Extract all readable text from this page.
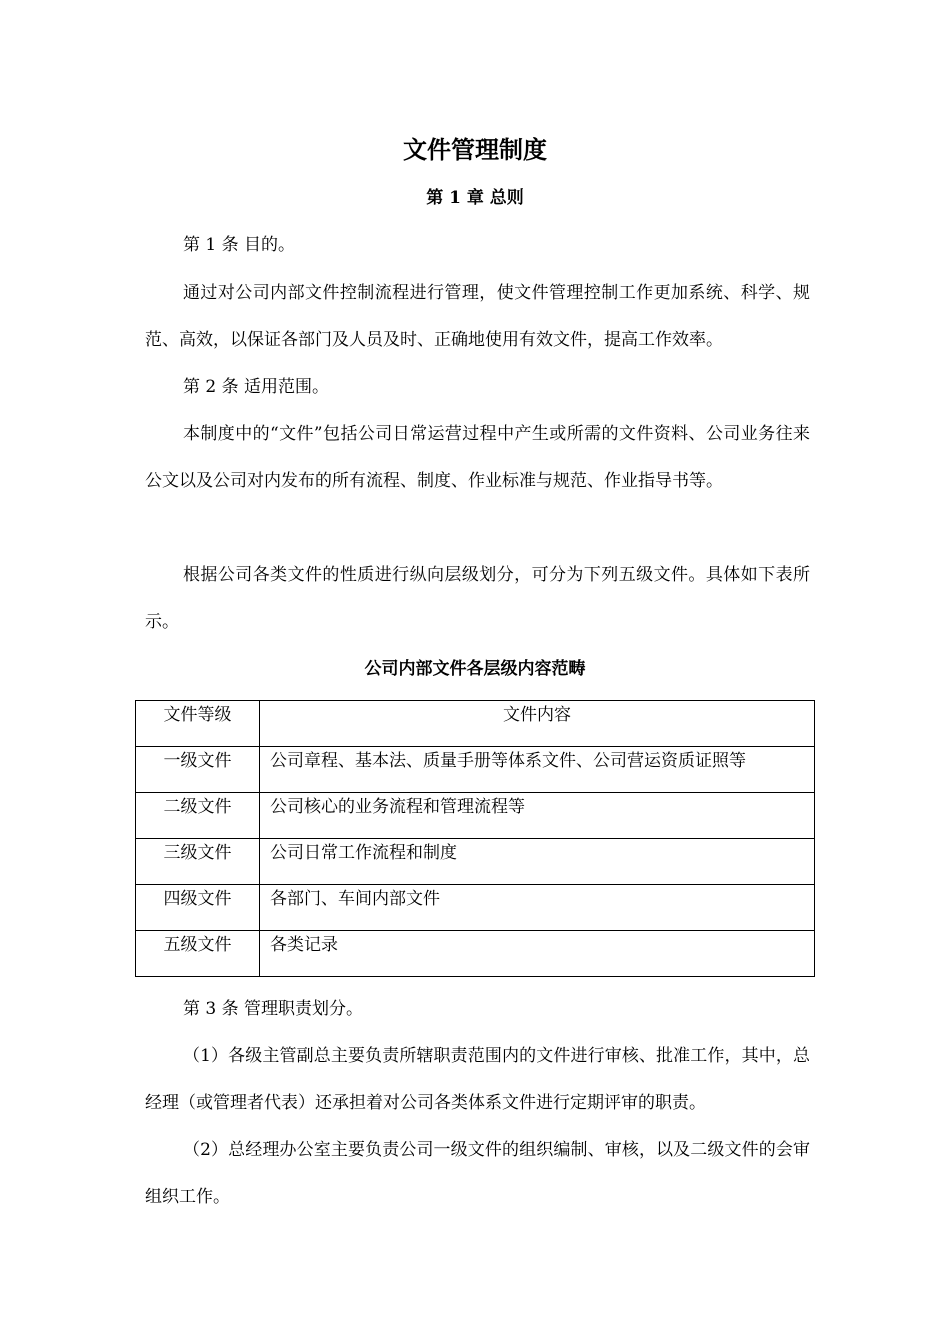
文件管理制度
第 1 章 总则

第 1 条 目的。

通过对公司内部文件控制流程进行管理，使文件管理控制工作更加系统、科学、规范、高效，以保证各部门及人员及时、正确地使用有效文件，提高工作效率。

第 2 条 适用范围。

本制度中的“文件”包括公司日常运营过程中产生或所需的文件资料、公司业务往来公文以及公司对内发布的所有流程、制度、作业标准与规范、作业指导书等。

根据公司各类文件的性质进行纵向层级划分，可分为下列五级文件。具体如下表所示。

公司内部文件各层级内容范畴
文件等级	文件内容
一级文件	公司章程、基本法、质量手册等体系文件、公司营运资质证照等
二级文件	公司核心的业务流程和管理流程等
三级文件	公司日常工作流程和制度
四级文件	各部门、车间内部文件
五级文件	各类记录

第 3 条 管理职责划分。

（1）各级主管副总主要负责所辖职责范围内的文件进行审核、批准工作，其中，总经理（或管理者代表）还承担着对公司各类体系文件进行定期评审的职责。

（2）总经理办公室主要负责公司一级文件的组织编制、审核，以及二级文件的会审组织工作。
